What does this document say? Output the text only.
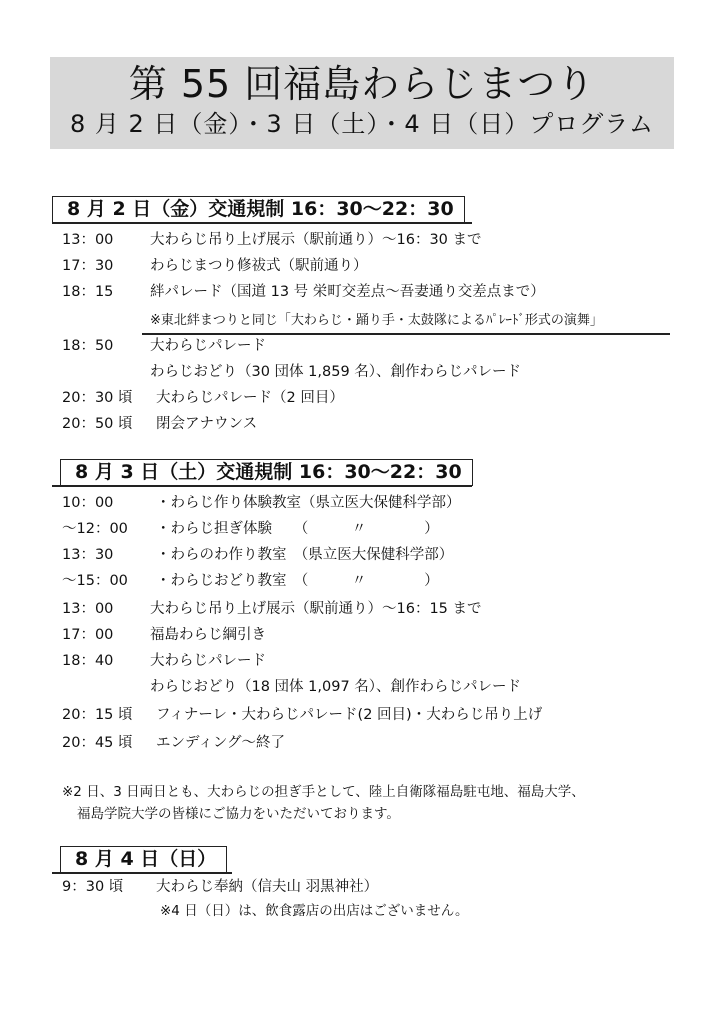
第 55 回福島わらじまつり
8 月 2 日（金）・3 日（土）・4 日（日）プログラム
8 月 2 日（金）交通規制 16：30〜22：30
13：00	大わらじ吊り上げ展示（駅前通り）〜16：30 まで
17：30	わらじまつり修祓式（駅前通り）
18：15	絆パレード（国道 13 号 栄町交差点〜吾妻通り交差点まで）
※東北絆まつりと同じ「大わらじ・踊り手・太鼓隊によるﾊﾟﾚｰﾄﾞ形式の演舞」
18：50	大わらじパレード
わらじおどり（30 団体 1,859 名）、創作わらじパレード
20：30 頃 大わらじパレード（2 回目）
20：50 頃 閉会アナウンス
8 月 3 日（土）交通規制 16：30〜22：30
10：00	・わらじ作り体験教室（県立医大保健科学部）
〜12：00 ・わらじ担ぎ体験　　（　　　〃　　　　）
13：30	・わらのわ作り教室　（県立医大保健科学部）
〜15：00 ・わらじおどり教室　（　　　〃　　　　）
13：00	大わらじ吊り上げ展示（駅前通り）〜16：15 まで
17：00	福島わらじ綱引き
18：40	大わらじパレード
わらじおどり（18 団体 1,097 名）、創作わらじパレード
20：15 頃 フィナーレ・大わらじパレード(2 回目)・大わらじ吊り上げ
20：45 頃 エンディング〜終了
※2 日、3 日両日とも、大わらじの担ぎ手として、陸上自衛隊福島駐屯地、福島大学、
福島学院大学の皆様にご協力をいただいております。
8 月 4 日（日）
9：30 頃 大わらじ奉納（信夫山 羽黒神社）
※4 日（日）は、飲食露店の出店はございません。
